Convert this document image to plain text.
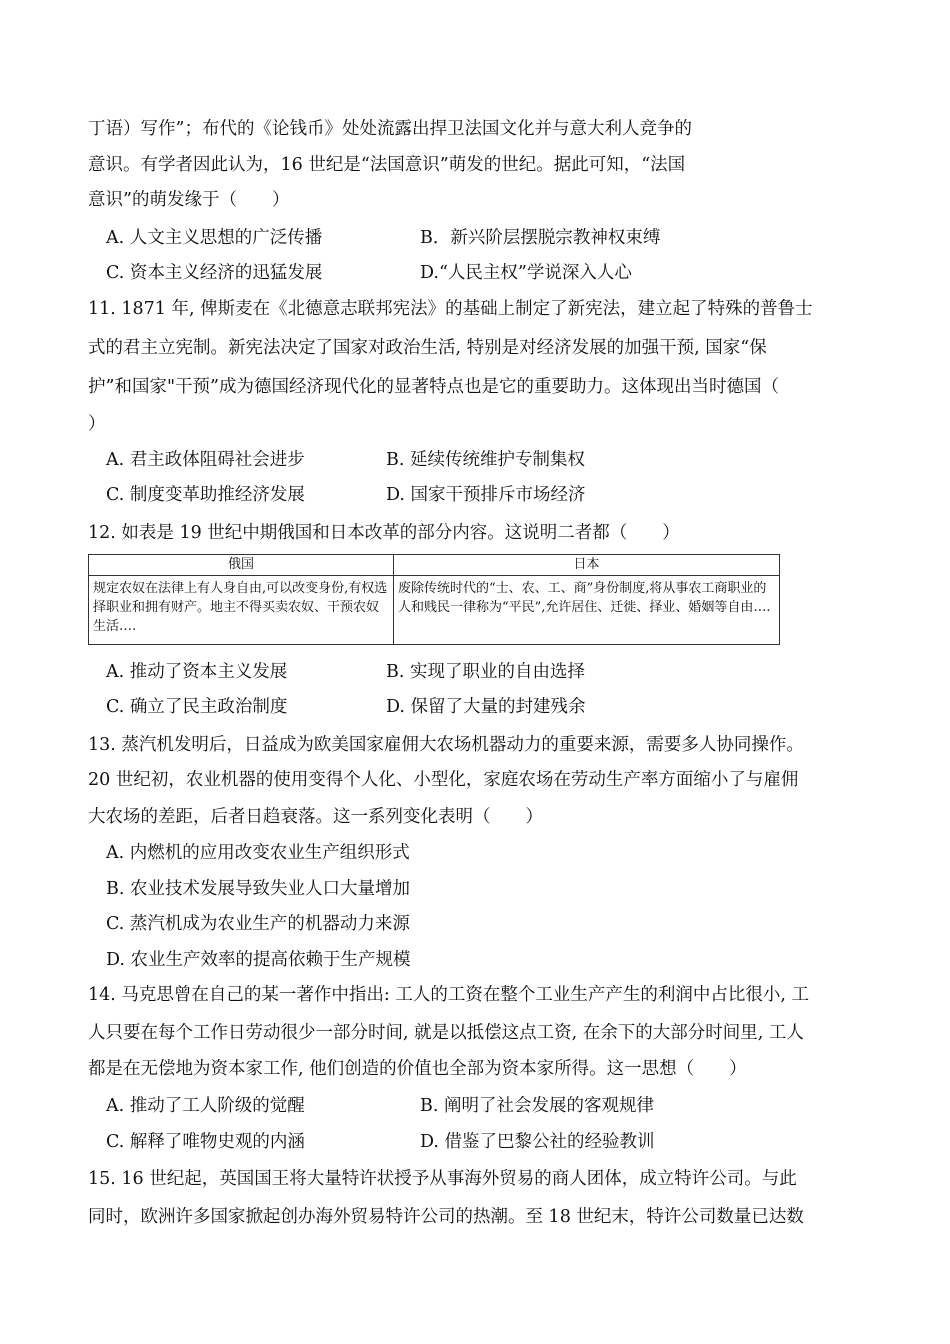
丁语）写作”；布代的《论钱币》处处流露出捍卫法国文化并与意大利人竞争的
意识。有学者因此认为，16 世纪是“法国意识”萌发的世纪。据此可知，“法国
意识”的萌发缘于（　　）
A. 人文主义思想的广泛传播	B．新兴阶层摆脱宗教神权束缚
C. 资本主义经济的迅猛发展	D.“人民主权”学说深入人心
11. 1871 年, 俾斯麦在《北德意志联邦宪法》的基础上制定了新宪法，建立起了特殊的普鲁士
式的君主立宪制。新宪法决定了国家对政治生活, 特别是对经济发展的加强干预, 国家“保
护”和国家"干预”成为德国经济现代化的显著特点也是它的重要助力。这体现出当时德国（
）
A. 君主政体阻碍社会进步	B. 延续传统维护专制集权
C. 制度变革助推经济发展	D. 国家干预排斥市场经济
12. 如表是 19 世纪中期俄国和日本改革的部分内容。这说明二者都（　　）
俄国	日本
规定农奴在法律上有人身自由,可以改变身份,有权选择职业和拥有财产。地主不得买卖农奴、干预农奴生活….	废除传统时代的“士、农、工、商”身份制度,将从事农工商职业的人和贱民一律称为“平民”,允许居住、迁徙、择业、婚姻等自由….
A. 推动了资本主义发展	B. 实现了职业的自由选择
C. 确立了民主政治制度	D. 保留了大量的封建残余
13. 蒸汽机发明后，日益成为欧美国家雇佣大农场机器动力的重要来源，需要多人协同操作。
20 世纪初，农业机器的使用变得个人化、小型化，家庭农场在劳动生产率方面缩小了与雇佣
大农场的差距，后者日趋衰落。这一系列变化表明（　　）
A. 内燃机的应用改变农业生产组织形式
B. 农业技术发展导致失业人口大量增加
C. 蒸汽机成为农业生产的机器动力来源
D. 农业生产效率的提高依赖于生产规模
14. 马克思曾在自己的某一著作中指出: 工人的工资在整个工业生产产生的利润中占比很小, 工
人只要在每个工作日劳动很少一部分时间, 就是以抵偿这点工资, 在余下的大部分时间里, 工人
都是在无偿地为资本家工作, 他们创造的价值也全部为资本家所得。这一思想（　　）
A. 推动了工人阶级的觉醒	B. 阐明了社会发展的客观规律
C. 解释了唯物史观的内涵	D. 借鉴了巴黎公社的经验教训
15. 16 世纪起，英国国王将大量特许状授予从事海外贸易的商人团体，成立特许公司。与此
同时，欧洲许多国家掀起创办海外贸易特许公司的热潮。至 18 世纪末，特许公司数量已达数
